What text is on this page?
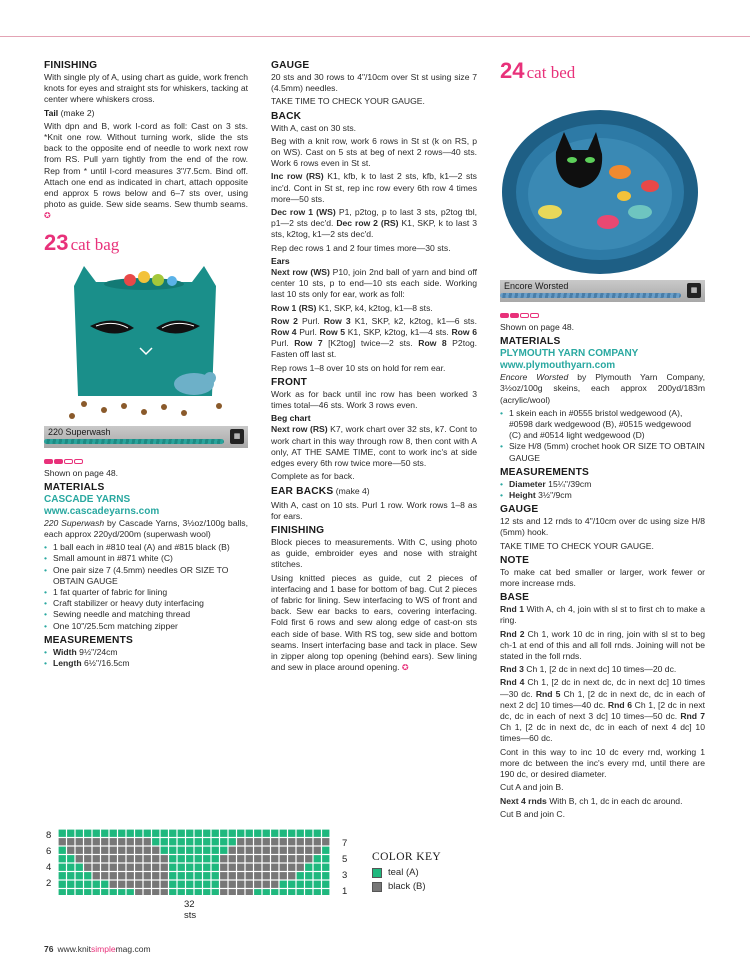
FINISHING

With single ply of A, using chart as guide, work french knots for eyes and straight sts for whiskers, tacking at center where whiskers cross.

Tail (make 2)

With dpn and B, work I-cord as foll: Cast on 3 sts. *Knit one row. Without turning work, slide the sts back to the opposite end of needle to work next row from RS. Pull yarn tightly from the end of the row. Rep from * until I-cord measures 3"/7.5cm. Bind off. Attach one end as indicated in chart, attach opposite end approx 5 rows below and 6–7 sts over, using photo as guide. Sew side seams. Sew thumb seams. ✪

23 cat bag
220 Superwash	▦

Shown on page 48.

MATERIALS
CASCADE YARNS
www.cascadeyarns.com

220 Superwash by Cascade Yarns, 3½oz/100g balls, each approx 220yd/200m (superwash wool)

• 1 ball each in #810 teal (A) and #815 black (B)
• Small amount in #871 white (C)
• One pair size 7 (4.5mm) needles OR SIZE TO OBTAIN GAUGE
• 1 fat quarter of fabric for lining
• Craft stabilizer or heavy duty interfacing
• Sewing needle and matching thread
• One 10"/25.5cm matching zipper
MEASUREMENTS
• Width 9½"/24cm
• Length 6½"/16.5cm
GAUGE

20 sts and 30 rows to 4"/10cm over St st using size 7 (4.5mm) needles.

TAKE TIME TO CHECK YOUR GAUGE.

BACK

With A, cast on 30 sts.

Beg with a knit row, work 6 rows in St st (k on RS, p on WS). Cast on 5 sts at beg of next 2 rows—40 sts. Work 6 rows even in St st.

Inc row (RS) K1, kfb, k to last 2 sts, kfb, k1—2 sts inc'd. Cont in St st, rep inc row every 6th row 4 times more—50 sts.

Dec row 1 (WS) P1, p2tog, p to last 3 sts, p2tog tbl, p1—2 sts dec'd. Dec row 2 (RS) K1, SKP, k to last 3 sts, k2tog, k1—2 sts dec'd.

Rep dec rows 1 and 2 four times more—30 sts.

Ears

Next row (WS) P10, join 2nd ball of yarn and bind off center 10 sts, p to end—10 sts each side. Working last 10 sts only for ear, work as foll:

Row 1 (RS) K1, SKP, k4, k2tog, k1—8 sts.

Row 2 Purl. Row 3 K1, SKP, k2, k2tog, k1—6 sts. Row 4 Purl. Row 5 K1, SKP, k2tog, k1—4 sts. Row 6 Purl. Row 7 [K2tog] twice—2 sts. Row 8 P2tog. Fasten off last st.

Rep rows 1–8 over 10 sts on hold for rem ear.

FRONT

Work as for back until inc row has been worked 3 times total—46 sts. Work 3 rows even.

Beg chart

Next row (RS) K7, work chart over 32 sts, k7. Cont to work chart in this way through row 8, then cont with A only, AT THE SAME TIME, cont to work inc's at side edges every 6th row twice more—50 sts.

Complete as for back.

EAR BACKS (make 4)

With A, cast on 10 sts. Purl 1 row. Work rows 1–8 as for ears.

FINISHING

Block pieces to measurements. With C, using photo as guide, embroider eyes and nose with straight stitches.

Using knitted pieces as guide, cut 2 pieces of interfacing and 1 base for bottom of bag. Cut 2 pieces of fabric for lining. Sew interfacing to WS of front and back. Sew ear backs to ears, covering interfacing. Fold first 6 rows and sew along edge of cast-on sts each side of base. With RS tog, sew side and bottom seams. Insert interfacing base and tack in place. Sew in zipper along top opening (behind ears). Sew lining and sew in place around opening. ✪

24 cat bed
Encore Worsted	▦

Shown on page 48.

MATERIALS
PLYMOUTH YARN COMPANY
www.plymouthyarn.com

Encore Worsted by Plymouth Yarn Company, 3½oz/100g skeins, each approx 200yd/183m (acrylic/wool)

• 1 skein each in #0555 bristol wedgewood (A), #0598 dark wedgewood (B), #0515 wedgewood (C) and #0514 light wedgewood (D)
• Size H/8 (5mm) crochet hook OR SIZE TO OBTAIN GAUGE
MEASUREMENTS
• Diameter 15¼"/39cm
• Height 3½"/9cm
GAUGE

12 sts and 12 rnds to 4"/10cm over dc using size H/8 (5mm) hook.

TAKE TIME TO CHECK YOUR GAUGE.

NOTE

To make cat bed smaller or larger, work fewer or more increase rnds.

BASE

Rnd 1 With A, ch 4, join with sl st to first ch to make a ring.

Rnd 2 Ch 1, work 10 dc in ring, join with sl st to beg ch-1 at end of this and all foll rnds. Joining will not be stated in the foll rnds.

Rnd 3 Ch 1, [2 dc in next dc] 10 times—20 dc.

Rnd 4 Ch 1, [2 dc in next dc, dc in next dc] 10 times—30 dc. Rnd 5 Ch 1, [2 dc in next dc, dc in each of next 2 dc] 10 times—40 dc. Rnd 6 Ch 1, [2 dc in next dc, dc in each of next 3 dc] 10 times—50 dc. Rnd 7 Ch 1, [2 dc in next dc, dc in each of next 4 dc] 10 times—60 dc.

Cont in this way to inc 10 dc every rnd, working 1 more dc between the inc's every rnd, until there are 190 dc, or desired diameter.

Cut A and join B.

Next 4 rnds With B, ch 1, dc in each dc around.

Cut B and join C.

8
6
4
2
7
5
3
1
32 sts
COLOR KEY
teal (A)
black (B)
76 www.knitsimplemag.com
